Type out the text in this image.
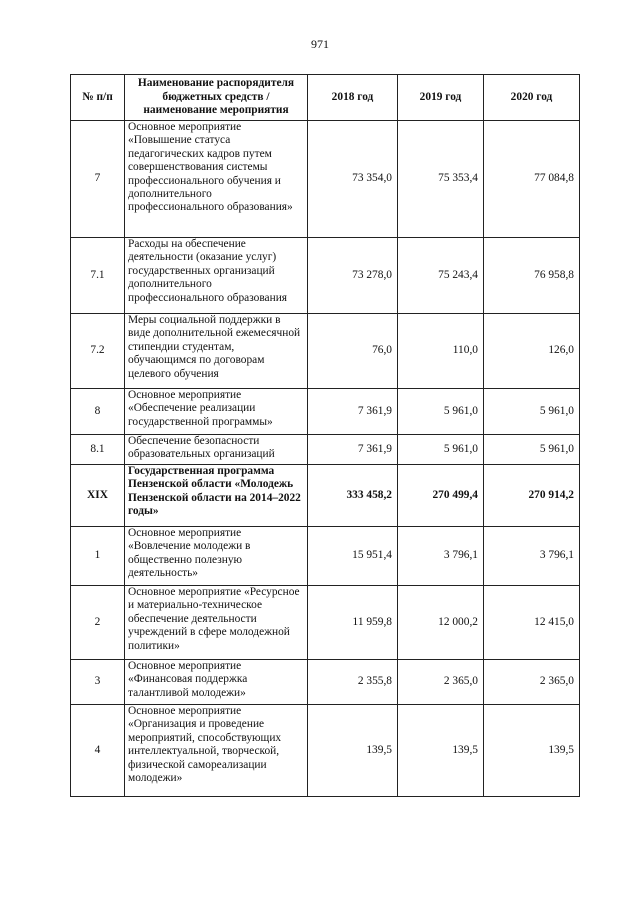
971
№ п/п	Наименование распорядителя бюджетных средств / наименование мероприятия	2018 год	2019 год	2020 год
7	Основное мероприятие «Повышение статуса педагогических кадров путем совершенствования системы профессионального обучения и дополнительного профессионального образования»	73 354,0	75 353,4	77 084,8
7.1	Расходы на обеспечение деятельности (оказание услуг) государственных организаций дополнительного профессионального образования	73 278,0	75 243,4	76 958,8
7.2	Меры социальной поддержки в виде дополнительной ежемесячной стипендии студентам, обучающимся по договорам целевого обучения	76,0	110,0	126,0
8	Основное мероприятие «Обеспечение реализации государственной программы»	7 361,9	5 961,0	5 961,0
8.1	Обеспечение безопасности образовательных организаций	7 361,9	5 961,0	5 961,0
XIX	Государственная программа Пензенской области «Молодежь Пензенской области на 2014–2022 годы»	333 458,2	270 499,4	270 914,2
1	Основное мероприятие «Вовлечение молодежи в общественно полезную деятельность»	15 951,4	3 796,1	3 796,1
2	Основное мероприятие «Ресурсное и материально-техническое обеспечение деятельности учреждений в сфере молодежной политики»	11 959,8	12 000,2	12 415,0
3	Основное мероприятие «Финансовая поддержка талантливой молодежи»	2 355,8	2 365,0	2 365,0
4	Основное мероприятие «Организация и проведение мероприятий, способствующих интеллектуальной, творческой, физической самореализации молодежи»	139,5	139,5	139,5
